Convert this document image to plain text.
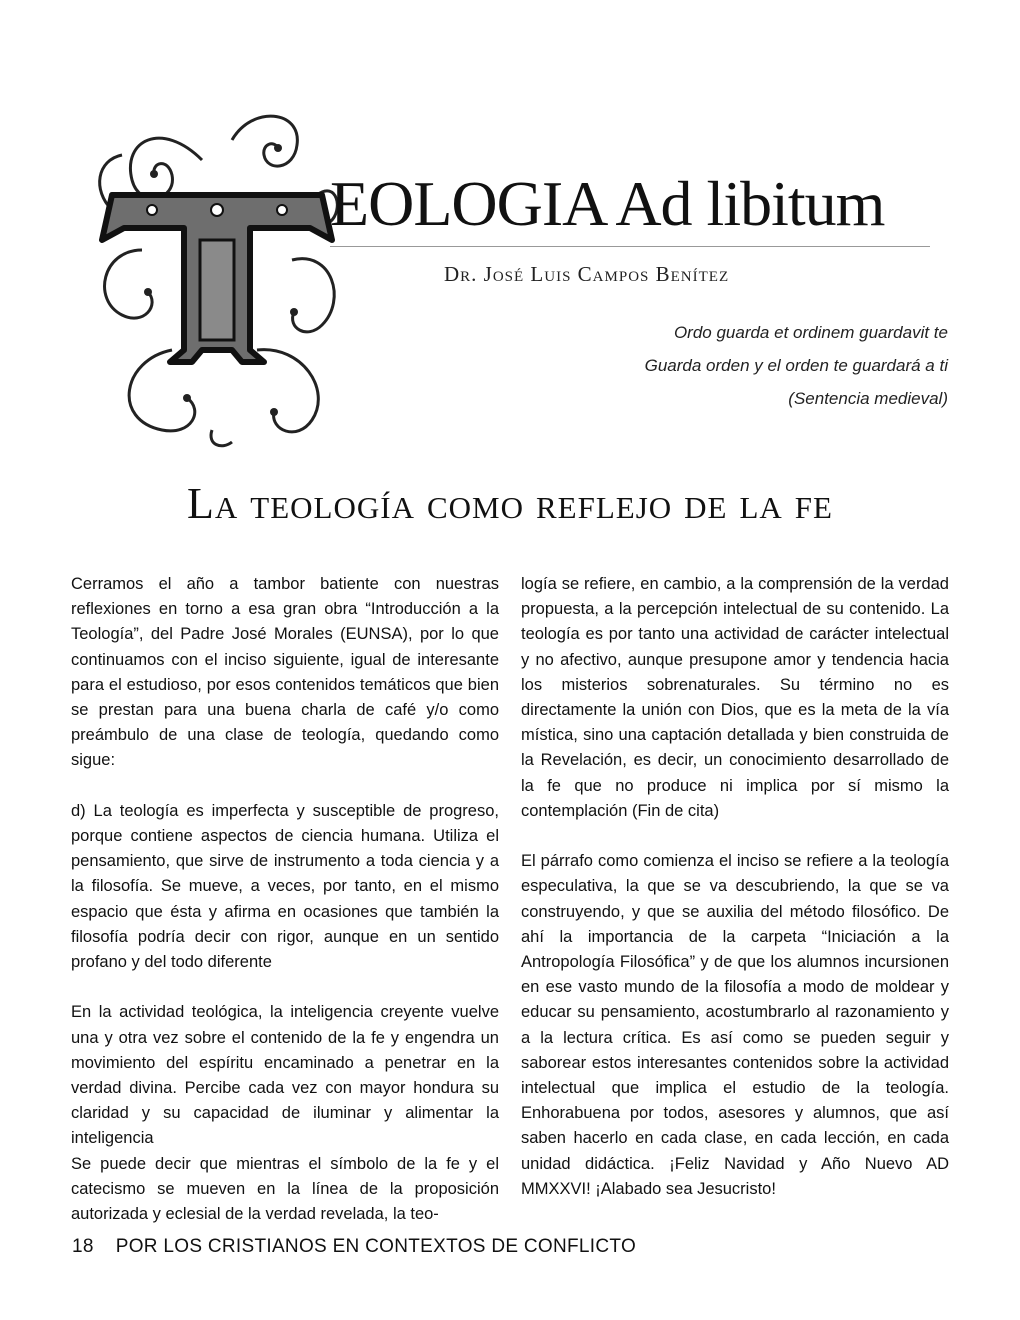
EOLOGIA Ad libitum
Dr. José Luis Campos Benítez
Ordo guarda et ordinem guardavit te
Guarda orden y el orden te guardará a ti
(Sentencia medieval)
La teología como reflejo de la fe

Cerramos el año a tambor batiente con nuestras reflexiones en torno a esa gran obra “Introducción a la Teología”, del Padre José Morales (EUNSA), por lo que continuamos con el inciso siguiente, igual de interesante para el estudioso, por esos contenidos temáticos que bien se prestan para una buena charla de café y/o como preámbulo de una clase de teología, quedando como sigue:

d) La teología es imperfecta y susceptible de progreso, porque contiene aspectos de ciencia humana. Utiliza el pensamiento, que sirve de instrumento a toda ciencia y a la filosofía. Se mueve, a veces, por tanto, en el mismo espacio que ésta y afirma en ocasiones que también la filosofía podría decir con rigor, aunque en un sentido profano y del todo diferente

En la actividad teológica, la inteligencia creyente vuelve una y otra vez sobre el contenido de la fe y engendra un movimiento del espíritu encaminado a penetrar en la verdad divina. Percibe cada vez con mayor hondura su claridad y su capacidad de iluminar y alimentar la inteligencia

Se puede decir que mientras el símbolo de la fe y el catecismo se mueven en la línea de la proposición autorizada y eclesial de la verdad revelada, la teo-

logía se refiere, en cambio, a la comprensión de la verdad propuesta, a la percepción intelectual de su contenido. La teología es por tanto una actividad de carácter intelectual y no afectivo, aunque presupone amor y tendencia hacia los misterios sobrenaturales. Su término no es directamente la unión con Dios, que es la meta de la vía mística, sino una captación detallada y bien construida de la Revelación, es decir, un conocimiento desarrollado de la fe que no produce ni implica por sí mismo la contemplación (Fin de cita)

El párrafo como comienza el inciso se refiere a la teología especulativa, la que se va descubriendo, la que se va construyendo, y que se auxilia del método filosófico. De ahí la importancia de la carpeta “Iniciación a la Antropología Filosófica” y de que los alumnos incursionen en ese vasto mundo de la filosofía a modo de moldear y educar su pensamiento, acostumbrarlo al razonamiento y a la lectura crítica. Es así como se pueden seguir y saborear estos interesantes contenidos sobre la actividad intelectual que implica el estudio de la teología. Enhorabuena por todos, asesores y alumnos, que así saben hacerlo en cada clase, en cada lección, en cada unidad didáctica. ¡Feliz Navidad y Año Nuevo AD MMXXVI! ¡Alabado sea Jesucristo!

18 POR LOS CRISTIANOS EN CONTEXTOS DE CONFLICTO
